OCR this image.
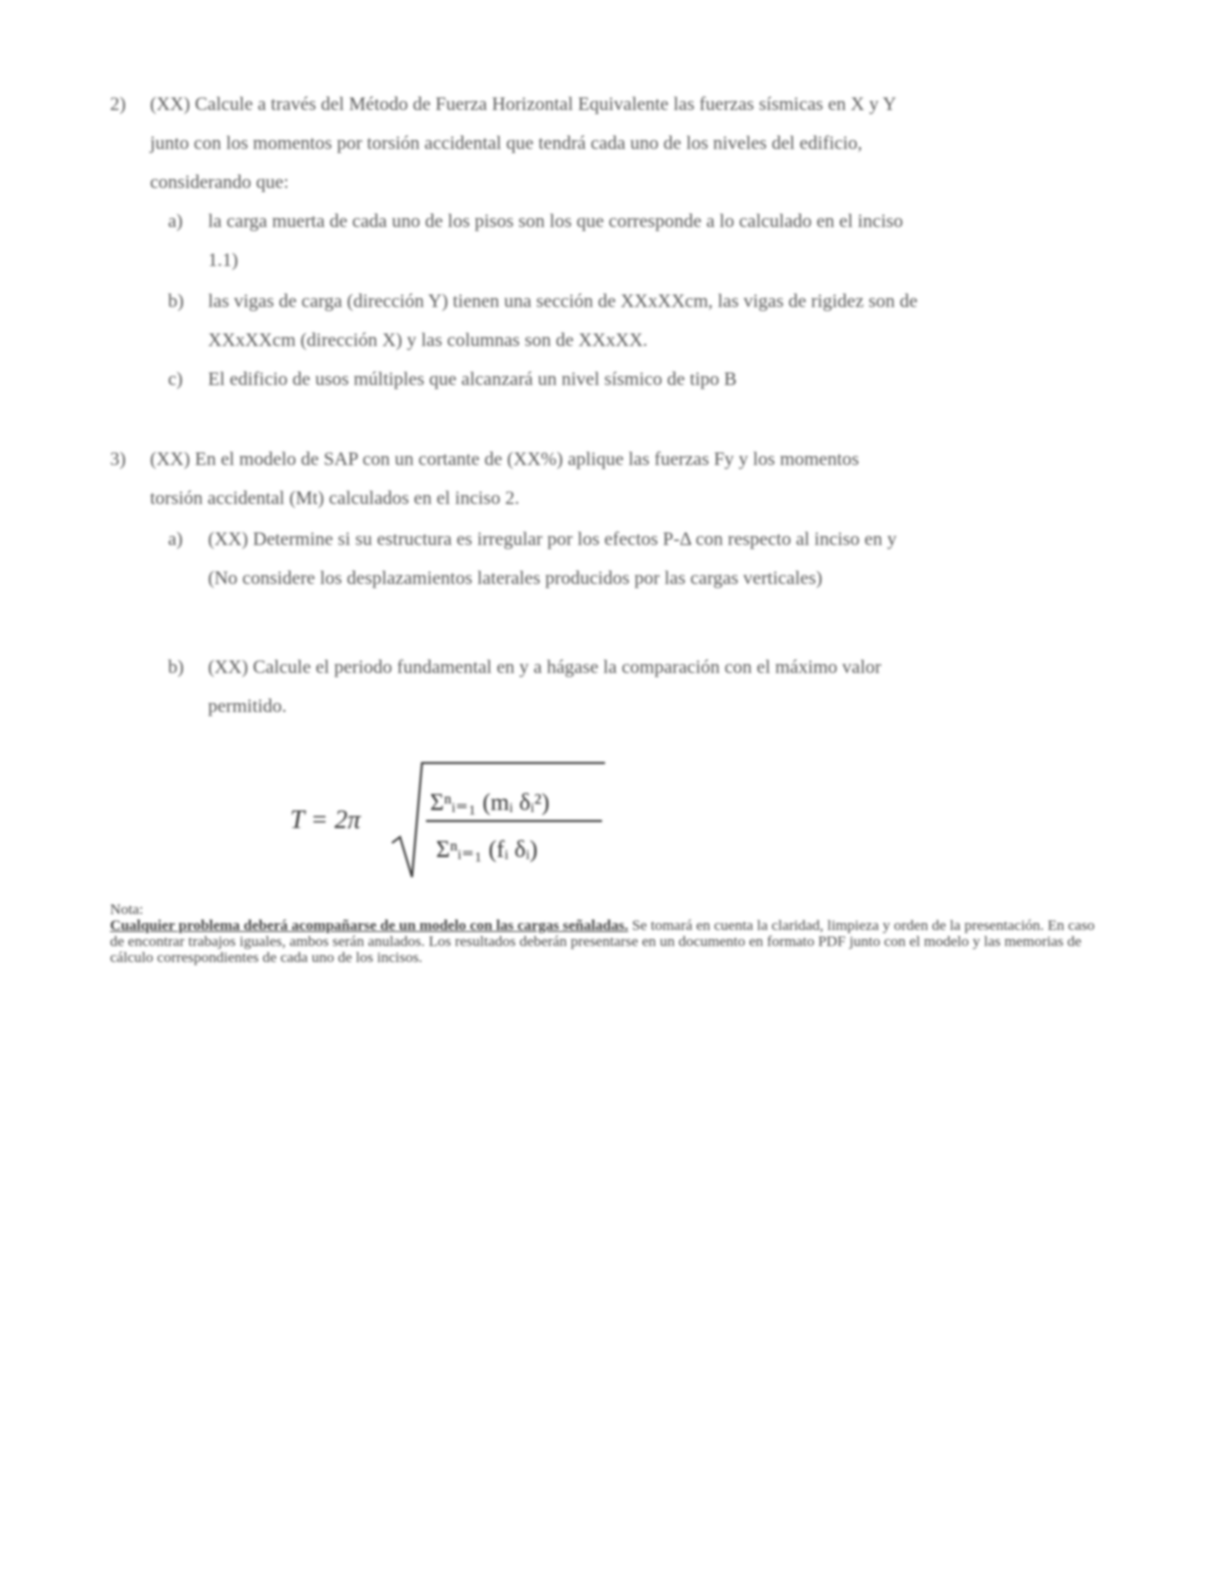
2) (XX) Calcule a través del Método de Fuerza Horizontal Equivalente las fuerzas sísmicas en X y Y
junto con los momentos por torsión accidental que tendrá cada uno de los niveles del edificio,
considerando que:
a) la carga muerta de cada uno de los pisos son los que corresponde a lo calculado en el inciso
1.1)
b) las vigas de carga (dirección Y) tienen una sección de XXxXXcm, las vigas de rigidez son de
XXxXXcm (dirección X) y las columnas son de XXxXX.
c) El edificio de usos múltiples que alcanzará un nivel sísmico de tipo B
3) (XX) En el modelo de SAP con un cortante de (XX%) aplique las fuerzas Fy y los momentos
torsión accidental (Mt) calculados en el inciso 2.
a) (XX) Determine si su estructura es irregular por los efectos P-Δ con respecto al inciso en y
(No considere los desplazamientos laterales producidos por las cargas verticales)
b) (XX) Calcule el periodo fundamental en y a hágase la comparación con el máximo valor
permitido.
T = 2π
Σⁿᵢ₌₁ (mᵢ δᵢ²)
Σⁿᵢ₌₁ (fᵢ δᵢ)
Nota:
Cualquier problema deberá acompañarse de un modelo con las cargas señaladas. Se tomará en cuenta la claridad, limpieza y orden de la presentación. En caso de encontrar trabajos iguales, ambos serán anulados. Los resultados deberán presentarse en un documento en formato PDF junto con el modelo y las memorias de cálculo correspondientes de cada uno de los incisos.
